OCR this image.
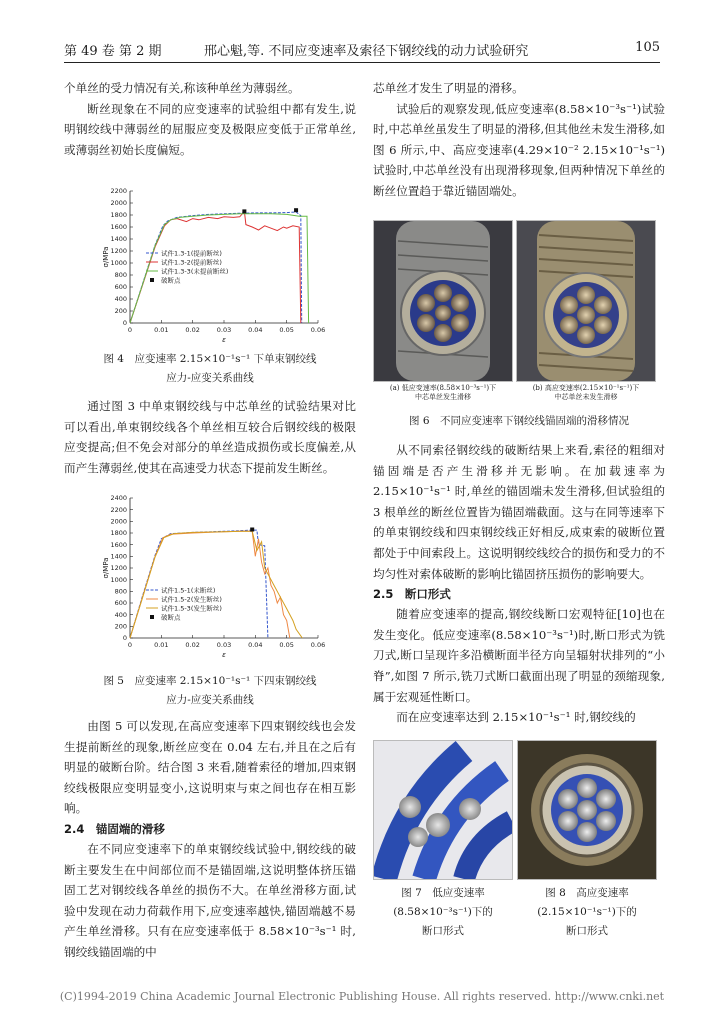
第 49 卷 第 2 期	邢心魁,等. 不同应变速率及索径下钢绞线的动力试验研究	105

个单丝的受力情况有关,称该种单丝为薄弱丝。

断丝现象在不同的应变速率的试验组中都有发生,说明钢绞线中薄弱丝的屈服应变及极限应变低于正常单丝,或薄弱丝初始长度偏短。

0	0.01	0.02	0.03	0.04	0.05	0.06
0
200
400
600
800
1000
1200
1400
1600
1800
2000
2200
ε
σ/MPa	试件1.3-1(提前断丝)
试件1.3-2(提前断丝)
试件1.3-3(未提前断丝)
破断点
图 4　应变速率 2.15×10⁻¹s⁻¹ 下单束钢绞线
应力-应变关系曲线

通过图 3 中单束钢绞线与中芯单丝的试验结果对比可以看出,单束钢绞线各个单丝相互较合后钢绞线的极限应变提高;但不免会对部分的单丝造成损伤或长度偏差,从而产生薄弱丝,使其在高速受力状态下提前发生断丝。

0	0.01	0.02	0.03	0.04	0.05	0.06
0
200
400
600
800
1000
1200
1400
1600
1800
2000
2200
2400
ε
σ/MPa
试件1.5-1(未断丝)
试件1.5-2(发生断丝)
试件1.5-3(发生断丝)
破断点
图 5　应变速率 2.15×10⁻¹s⁻¹ 下四束钢绞线
应力-应变关系曲线

由图 5 可以发现,在高应变速率下四束钢绞线也会发生提前断丝的现象,断丝应变在 0.04 左右,并且在之后有明显的破断台阶。结合图 3 来看,随着索径的增加,四束钢绞线极限应变明显变小,这说明束与束之间也存在相互影响。

2.4　锚固端的滑移

在不同应变速率下的单束钢绞线试验中,钢绞线的破断主要发生在中间部位而不是锚固端,这说明整体挤压锚固工艺对钢绞线各单丝的损伤不大。在单丝滑移方面,试验中发现在动力荷载作用下,应变速率越快,锚固端越不易产生单丝滑移。只有在应变速率低于 8.58×10⁻³s⁻¹ 时,钢绞线锚固端的中

芯单丝才发生了明显的滑移。

试验后的观察发现,低应变速率(8.58×10⁻³s⁻¹)试验时,中芯单丝虽发生了明显的滑移,但其他丝未发生滑移,如图 6 所示,中、高应变速率(4.29×10⁻² 2.15×10⁻¹s⁻¹)试验时,中芯单丝没有出现滑移现象,但两种情况下单丝的断丝位置趋于靠近锚固端处。

(a) 低应变速率(8.58×10⁻³s⁻¹)下
中芯单丝发生滑移
(b) 高应变速率(2.15×10⁻¹s⁻¹)下
中芯单丝未发生滑移
图 6　不同应变速率下钢绞线锚固端的滑移情况

从不同索径钢绞线的破断结果上来看,索径的粗细对锚固端是否产生滑移并无影响。在加载速率为 2.15×10⁻¹s⁻¹ 时,单丝的锚固端未发生滑移,但试验组的 3 根单丝的断丝位置皆为锚固端截面。这与在同等速率下的单束钢绞线和四束钢绞线正好相反,成束索的破断位置都处于中间索段上。这说明钢绞线绞合的损伤和受力的不均匀性对索体破断的影响比锚固挤压损伤的影响要大。

2.5　断口形式

随着应变速率的提高,钢绞线断口宏观特征[10]也在发生变化。低应变速率(8.58×10⁻³s⁻¹)时,断口形式为铣刀式,断口呈现许多沿横断面半径方向呈辐射状排列的“小脊”,如图 7 所示,铣刀式断口截面出现了明显的颈缩现象,属于宏观延性断口。

而在应变速率达到 2.15×10⁻¹s⁻¹ 时,钢绞线的

图 7　低应变速率
(8.58×10⁻³s⁻¹)下的
断口形式
图 8　高应变速率
(2.15×10⁻¹s⁻¹)下的
断口形式
(C)1994-2019 China Academic Journal Electronic Publishing House. All rights reserved. http://www.cnki.net
